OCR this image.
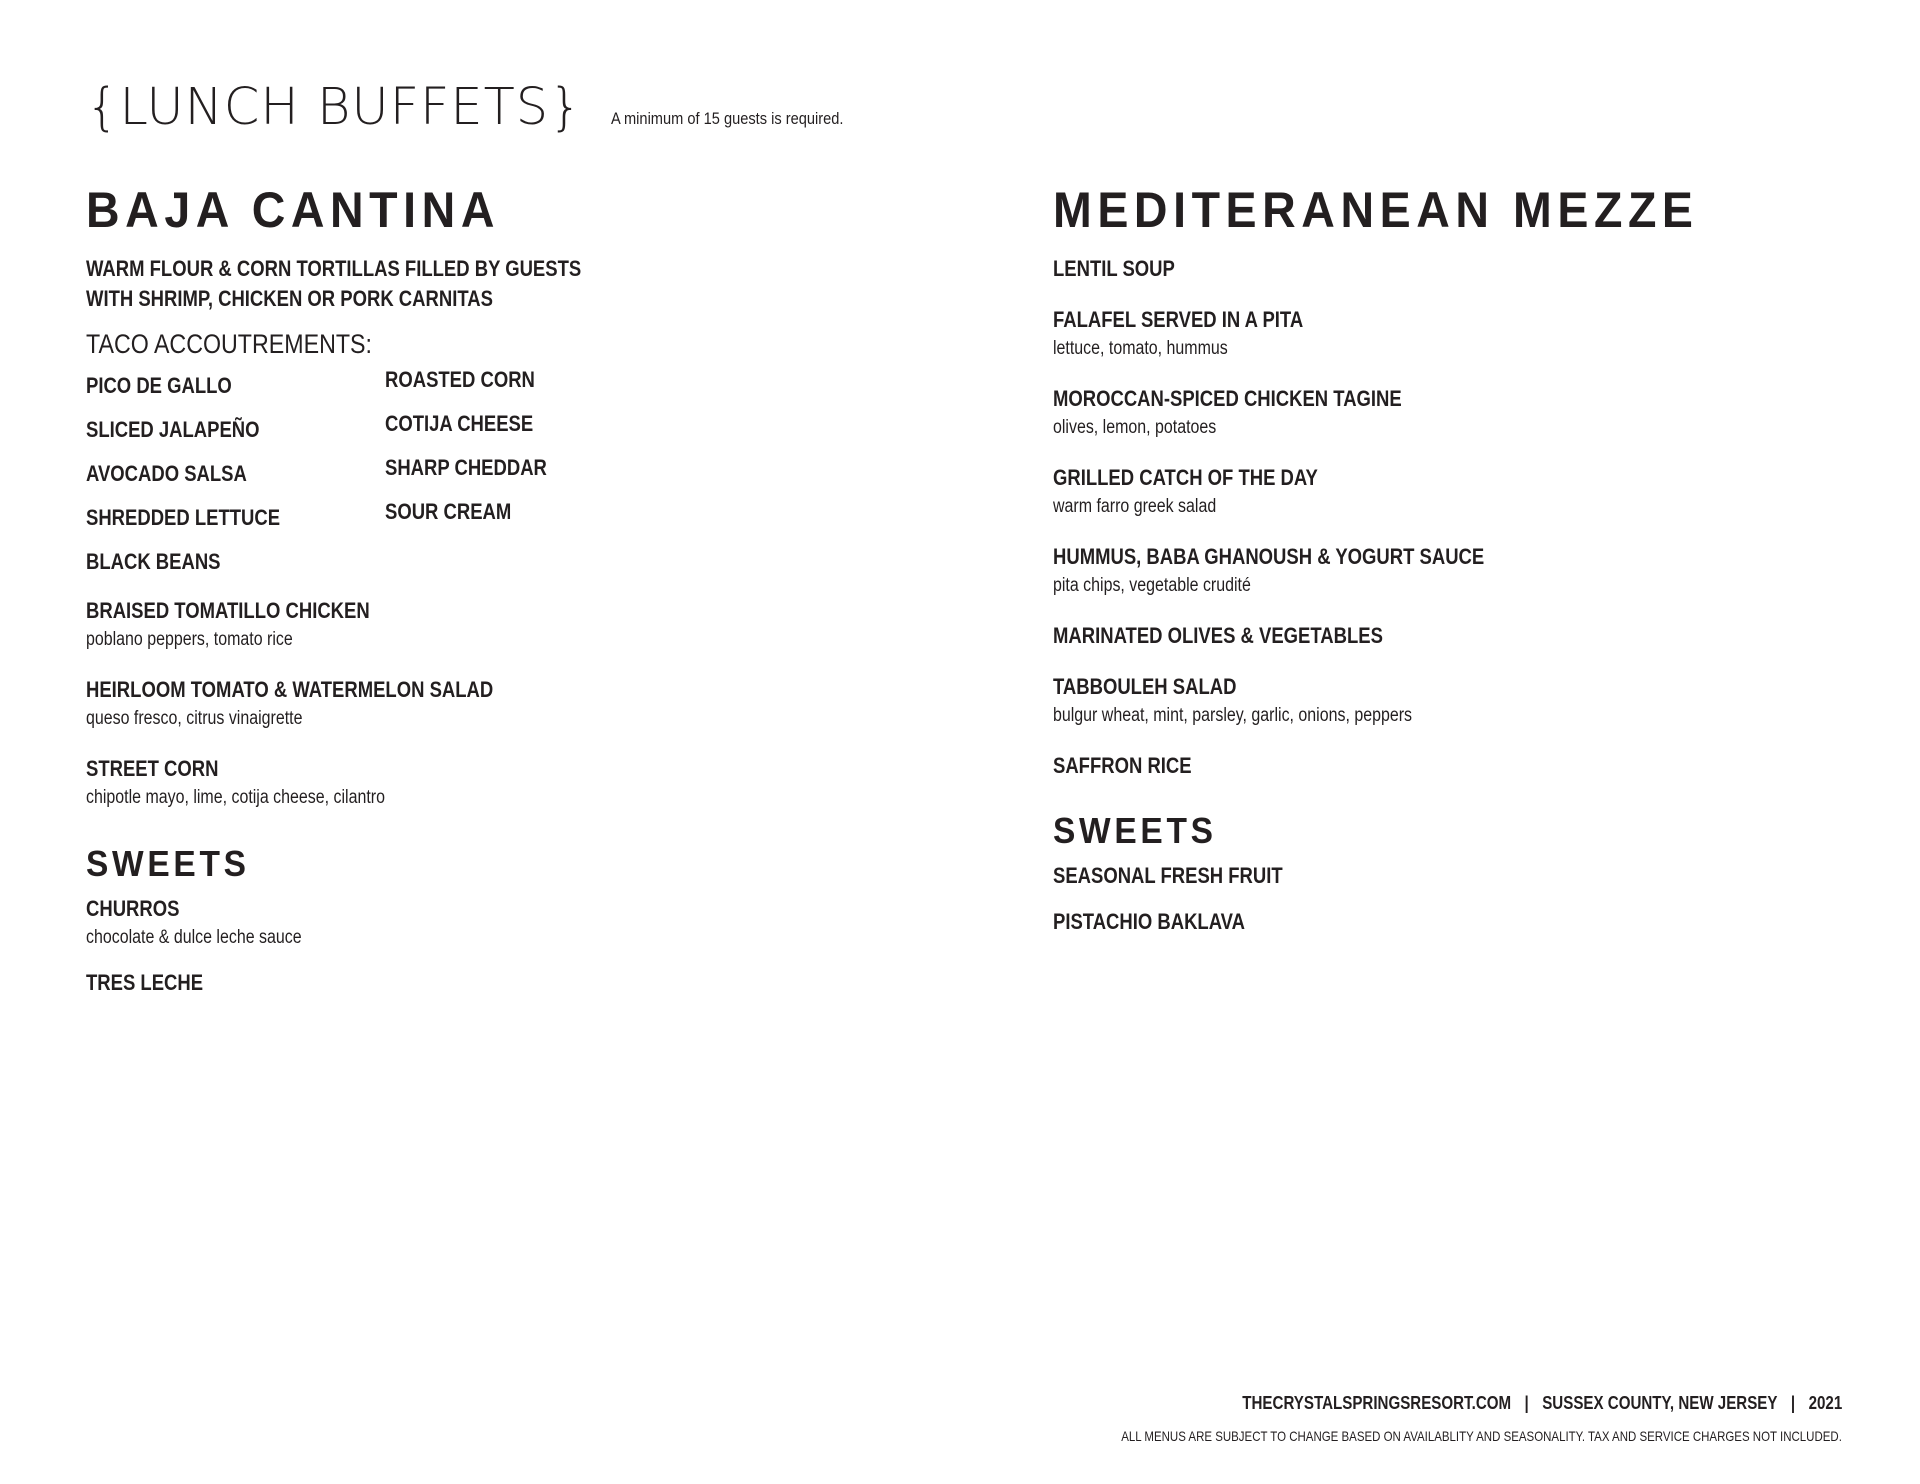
{LUNCH BUFFETS} A minimum of 15 guests is required.
BAJA CANTINA
WARM FLOUR & CORN TORTILLAS FILLED BY GUESTS
WITH SHRIMP, CHICKEN OR PORK CARNITAS
TACO ACCOUTREMENTS:
PICO DE GALLO
SLICED JALAPEÑO
AVOCADO SALSA
SHREDDED LETTUCE
BLACK BEANS
ROASTED CORN
COTIJA CHEESE
SHARP CHEDDAR
SOUR CREAM
BRAISED TOMATILLO CHICKEN
poblano peppers, tomato rice
HEIRLOOM TOMATO & WATERMELON SALAD
queso fresco, citrus vinaigrette
STREET CORN
chipotle mayo, lime, cotija cheese, cilantro
SWEETS
CHURROS
chocolate & dulce leche sauce
TRES LECHE
MEDITERANEAN MEZZE
LENTIL SOUP
FALAFEL SERVED IN A PITA
lettuce, tomato, hummus
MOROCCAN-SPICED CHICKEN TAGINE
olives, lemon, potatoes
GRILLED CATCH OF THE DAY
warm farro greek salad
HUMMUS, BABA GHANOUSH & YOGURT SAUCE
pita chips, vegetable crudité
MARINATED OLIVES & VEGETABLES
TABBOULEH SALAD
bulgur wheat, mint, parsley, garlic, onions, peppers
SAFFRON RICE
SWEETS
SEASONAL FRESH FRUIT
PISTACHIO BAKLAVA
THECRYSTALSPRINGSRESORT.COM | SUSSEX COUNTY, NEW JERSEY | 2021
ALL MENUS ARE SUBJECT TO CHANGE BASED ON AVAILABLITY AND SEASONALITY. TAX AND SERVICE CHARGES NOT INCLUDED.
